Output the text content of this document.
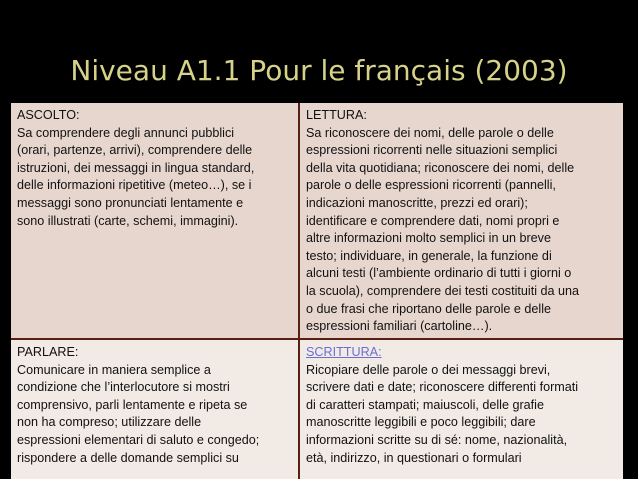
Niveau A1.1 Pour le français (2003)
ASCOLTO:
Sa comprendere degli annunci pubblici
(orari, partenze, arrivi), comprendere delle
istruzioni, dei messaggi in lingua standard,
delle informazioni ripetitive (meteo…), se i
messaggi sono pronunciati lentamente e
sono illustrati (carte, schemi, immagini).
LETTURA:
Sa riconoscere dei nomi, delle parole o delle
espressioni ricorrenti nelle situazioni semplici
della vita quotidiana; riconoscere dei nomi, delle
parole o delle espressioni ricorrenti (pannelli,
indicazioni manoscritte, prezzi ed orari);
identificare e comprendere dati, nomi propri e
altre informazioni molto semplici in un breve
testo; individuare, in generale, la funzione di
alcuni testi (l’ambiente ordinario di tutti i giorni o
la scuola), comprendere dei testi costituiti da una
o due frasi che riportano delle parole e delle
espressioni familiari (cartoline…).
PARLARE:
Comunicare in maniera semplice a
condizione che l’interlocutore si mostri
comprensivo, parli lentamente e ripeta se
non ha compreso; utilizzare delle
espressioni elementari di saluto e congedo;
rispondere a delle domande semplici su
SCRITTURA:
Ricopiare delle parole o dei messaggi brevi,
scrivere dati e date; riconoscere differenti formati
di caratteri stampati; maiuscoli, delle grafie
manoscritte leggibili e poco leggibili; dare
informazioni scritte su di sé: nome, nazionalità,
età, indirizzo, in questionari o formulari
